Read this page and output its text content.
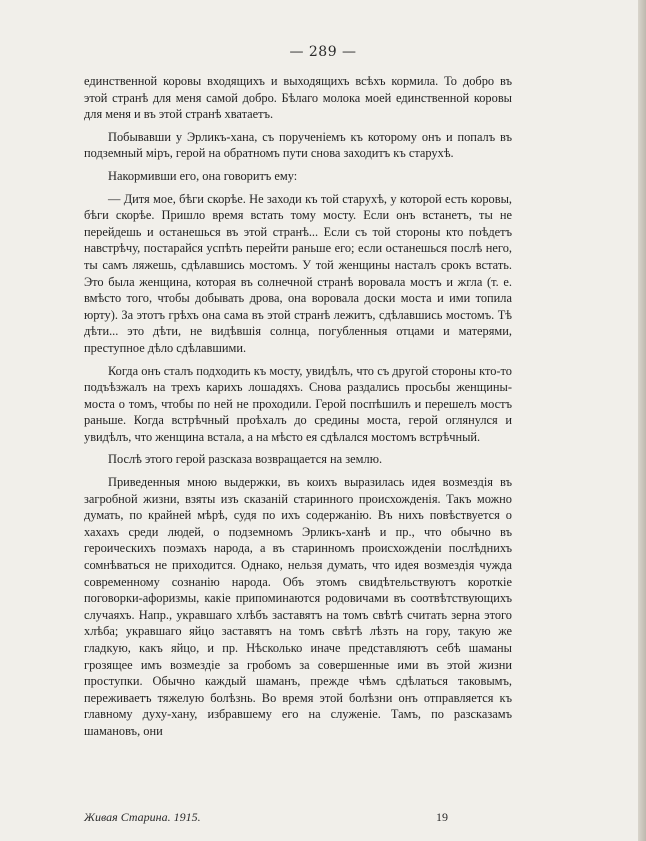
— 289 —

единственной коровы входящихъ и выходящихъ всѣхъ кормила. То добро въ этой странѣ для меня самой добро. Бѣлаго молока моей единственной коровы для меня и въ этой странѣ хватаетъ.

Побывавши у Эрликъ-хана, съ порученiемъ къ которому онъ и попалъ въ подземный мiръ, герой на обратномъ пути снова заходитъ къ старухѣ.

Накормивши его, она говоритъ ему:

— Дитя мое, бѣги скорѣе. Не заходи къ той старухѣ, у которой есть коровы, бѣги скорѣе. Пришло время встать тому мосту. Если онъ встанетъ, ты не перейдешь и останешься въ этой странѣ... Если съ той стороны кто поѣдетъ навстрѣчу, постарайся успѣть перейти раньше его; если останешься послѣ него, ты самъ ляжешь, сдѣлавшись мостомъ. У той женщины насталъ срокъ встать. Это была женщина, которая въ солнечной странѣ воровала мостъ и жгла (т. е. вмѣсто того, чтобы добывать дрова, она воровала доски моста и ими топила юрту). За этотъ грѣхъ она сама въ этой странѣ лежитъ, сдѣлавшись мостомъ. Тѣ дѣти... это дѣти, не видѣвшiя солнца, погубленныя отцами и матерями, преступное дѣло сдѣлавшими.

Когда онъ сталъ подходить къ мосту, увидѣлъ, что съ другой стороны кто-то подъѣзжалъ на трехъ карихъ лошадяхъ. Снова раздались просьбы женщины-моста о томъ, чтобы по ней не проходили. Герой поспѣшилъ и перешелъ мостъ раньше. Когда встрѣчный проѣхалъ до средины моста, герой оглянулся и увидѣлъ, что женщина встала, а на мѣсто ея сдѣлался мостомъ встрѣчный.

Послѣ этого герой разсказа возвращается на землю.

Приведенныя мною выдержки, въ коихъ выразилась идея возмездiя въ загробной жизни, взяты изъ сказанiй старинного происхожденiя. Такъ можно думать, по крайней мѣрѣ, судя по ихъ содержанiю. Въ нихъ повѣствуется о хахахъ среди людей, о подземномъ Эрликъ-ханѣ и пр., что обычно въ героическихъ поэмахъ народа, а въ старинномъ происхожденiи послѣднихъ сомнѣваться не приходится. Однако, нельзя думать, что идея возмездiя чужда современному сознанiю народа. Объ этомъ свидѣтельствуютъ короткiе поговорки-афоризмы, какiе припоминаются родовичами въ соотвѣтствующихъ случаяхъ. Напр., укравшаго хлѣбъ заставятъ на томъ свѣтѣ считать зерна этого хлѣба; укравшаго яйцо заставятъ на томъ свѣтѣ лѣзть на гору, такую же гладкую, какъ яйцо, и пр. Нѣсколько иначе представляютъ себѣ шаманы грозящее имъ возмездiе за гробомъ за совершенные ими въ этой жизни проступки. Обычно каждый шаманъ, прежде чѣмъ сдѣлаться таковымъ, переживаетъ тяжелую болѣзнь. Во время этой болѣзни онъ отправляется къ главному духу-хану, избравшему его на служенiе. Тамъ, по разсказамъ шамановъ, они

Живая Старина. 1915.	19
